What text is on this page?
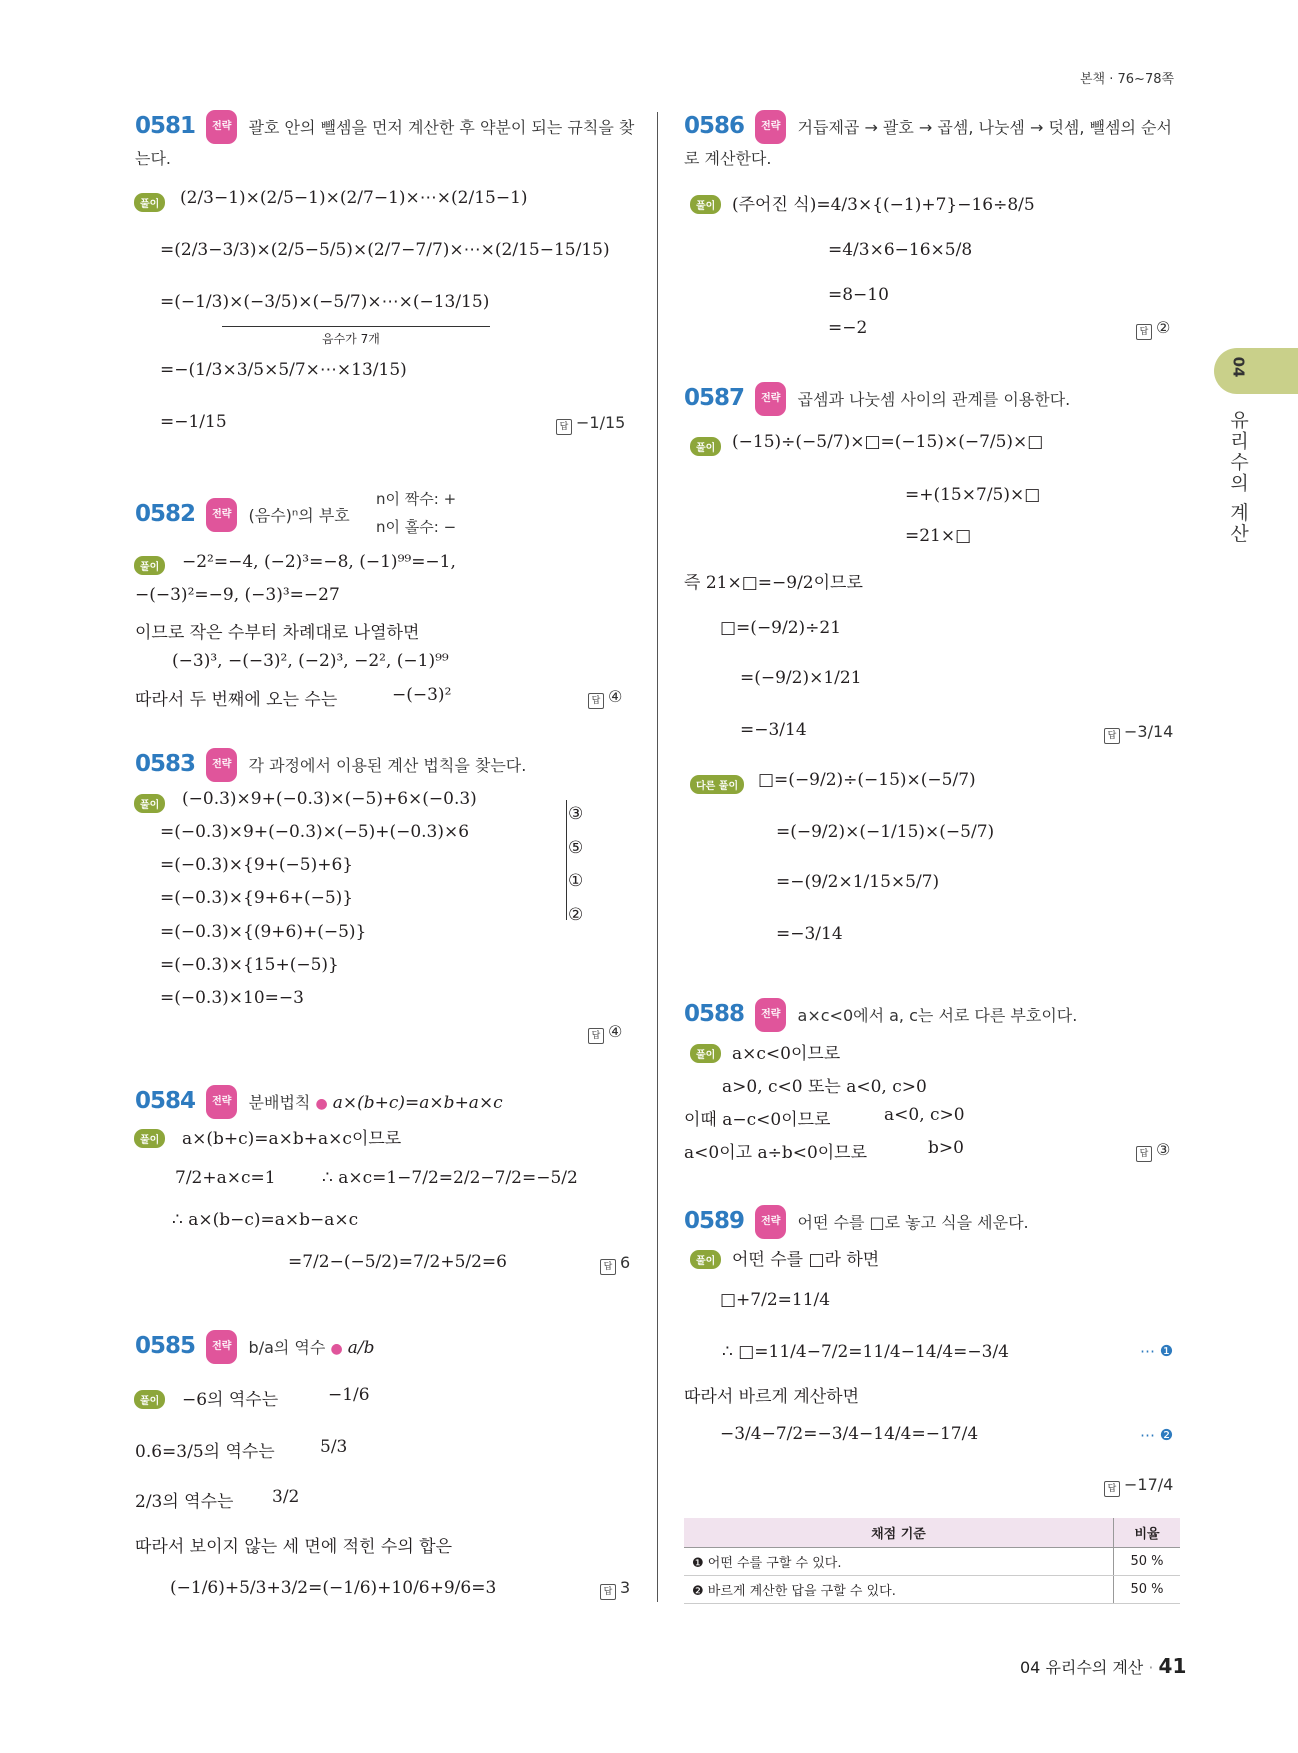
본책 · 76~78쪽
04
유리수의 계산
0581 전략 괄호 안의 뺄셈을 먼저 계산한 후 약분이 되는 규칙을 찾는다.
풀이	(2/3−1)×(2/5−1)×(2/7−1)×⋯×(2/15−1)
=(2/3−3/3)×(2/5−5/5)×(2/7−7/7)×⋯×(2/15−15/15)
=(−1/3)×(−3/5)×(−5/7)×⋯×(−13/15)
음수가 7개
=−(1/3×3/5×5/7×⋯×13/15)
=−1/15	답 −1/15
0582 전략 (음수)ⁿ의 부호
n이 짝수: +
n이 홀수: −
풀이	−2²=−4, (−2)³=−8, (−1)⁹⁹=−1,
−(−3)²=−9, (−3)³=−27
이므로 작은 수부터 차례대로 나열하면
(−3)³, −(−3)², (−2)³, −2², (−1)⁹⁹
따라서 두 번째에 오는 수는	−(−3)²	답 ④
0583 전략 각 과정에서 이용된 계산 법칙을 찾는다.
풀이	(−0.3)×9+(−0.3)×(−5)+6×(−0.3)
=(−0.3)×9+(−0.3)×(−5)+(−0.3)×6
=(−0.3)×{9+(−5)+6}
=(−0.3)×{9+6+(−5)}
=(−0.3)×{(9+6)+(−5)}
=(−0.3)×{15+(−5)}
=(−0.3)×10=−3
③
⑤
①
②
답 ④
0584 전략 분배법칙 ● a×(b+c)=a×b+a×c
풀이	a×(b+c)=a×b+a×c이므로
7/2+a×c=1	∴ a×c=1−7/2=2/2−7/2=−5/2
∴ a×(b−c)=a×b−a×c
=7/2−(−5/2)=7/2+5/2=6	답 6
0585 전략 b/a의 역수 ● a/b
풀이	−6의 역수는	−1/6
0.6=3/5의 역수는	5/3
2/3의 역수는 3/2
따라서 보이지 않는 세 면에 적힌 수의 합은
(−1/6)+5/3+3/2=(−1/6)+10/6+9/6=3	답 3
0586 전략 거듭제곱 → 괄호 → 곱셈, 나눗셈 → 덧셈, 뺄셈의 순서로 계산한다.
풀이 (주어진 식)=4/3×{(−1)+7}−16÷8/5
=4/3×6−16×5/8
=8−10
=−2	답 ②
0587 전략 곱셈과 나눗셈 사이의 관계를 이용한다.
풀이 (−15)÷(−5/7)×□=(−15)×(−7/5)×□
=+(15×7/5)×□
=21×□
즉 21×□=−9/2이므로
□=(−9/2)÷21
=(−9/2)×1/21
=−3/14	답 −3/14
다른 풀이	□=(−9/2)÷(−15)×(−5/7)
=(−9/2)×(−1/15)×(−5/7)
=−(9/2×1/15×5/7)
=−3/14
0588 전략 a×c<0에서 a, c는 서로 다른 부호이다.
풀이 a×c<0이므로
a>0, c<0 또는 a<0, c>0
이때 a−c<0이므로	a<0, c>0
a<0이고 a÷b<0이므로	b>0	답 ③
0589 전략 어떤 수를 □로 놓고 식을 세운다.
풀이 어떤 수를 □라 하면
□+7/2=11/4
∴ □=11/4−7/2=11/4−14/4=−3/4	⋯ ❶
따라서 바르게 계산하면
−3/4−7/2=−3/4−14/4=−17/4	⋯ ❷
답 −17/4
채점 기준	비율
❶ 어떤 수를 구할 수 있다.	50 %
❷ 바르게 계산한 답을 구할 수 있다.	50 %
04 유리수의 계산 · 41
